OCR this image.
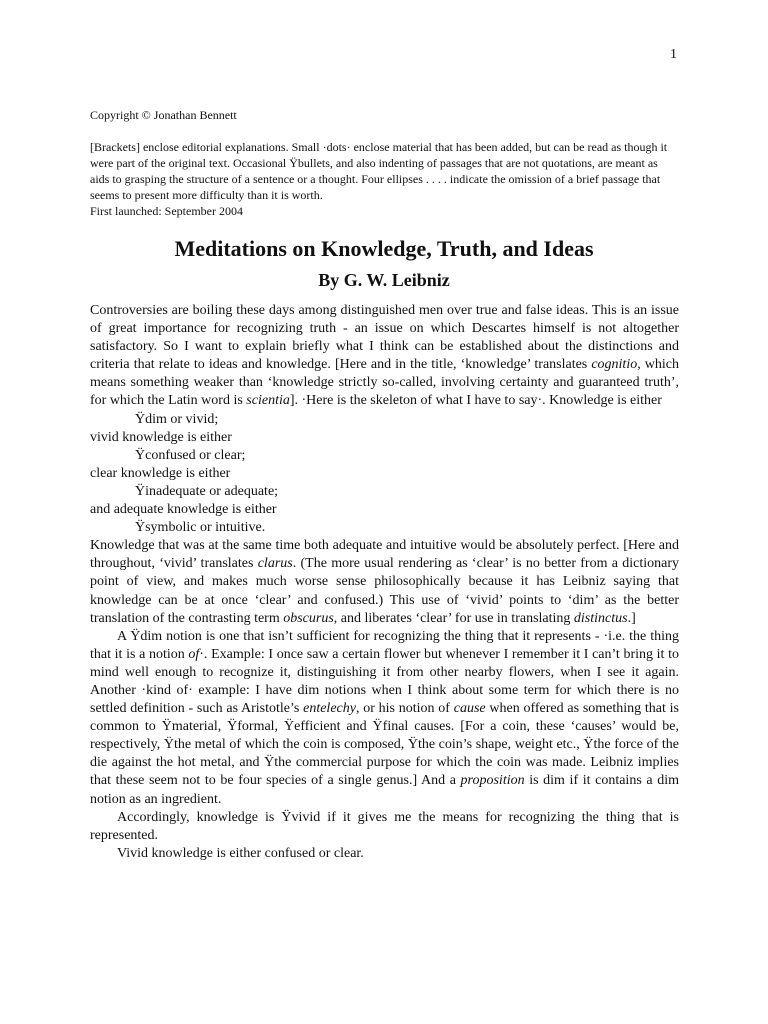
1

Copyright © Jonathan Bennett

[Brackets] enclose editorial explanations. Small ·dots· enclose material that has been added, but can be read as though it were part of the original text. Occasional Ÿbullets, and also indenting of passages that are not quotations, are meant as aids to grasping the structure of a sentence or a thought. Four ellipses . . . . indicate the omission of a brief passage that seems to present more difficulty than it is worth.

First launched: September 2004

Meditations on Knowledge, Truth, and Ideas
By G. W. Leibniz

Controversies are boiling these days among distinguished men over true and false ideas. This is an issue of great importance for recognizing truth - an issue on which Descartes himself is not altogether satisfactory. So I want to explain briefly what I think can be established about the distinctions and criteria that relate to ideas and knowledge. [Here and in the title, ‘knowledge’ translates cognitio, which means something weaker than ‘knowledge strictly so-called, involving certainty and guaranteed truth’, for which the Latin word is scientia]. ·Here is the skeleton of what I have to say·. Knowledge is either

Ÿdim or vivid;

vivid knowledge is either

Ÿconfused or clear;

clear knowledge is either

Ÿinadequate or adequate;

and adequate knowledge is either

Ÿsymbolic or intuitive.

Knowledge that was at the same time both adequate and intuitive would be absolutely perfect. [Here and throughout, ‘vivid’ translates clarus. (The more usual rendering as ‘clear’ is no better from a dictionary point of view, and makes much worse sense philosophically because it has Leibniz saying that knowledge can be at once ‘clear’ and confused.) This use of ‘vivid’ points to ‘dim’ as the better translation of the contrasting term obscurus, and liberates ‘clear’ for use in translating distinctus.]

A Ÿdim notion is one that isn’t sufficient for recognizing the thing that it represents - ·i.e. the thing that it is a notion of·. Example: I once saw a certain flower but whenever I remember it I can’t bring it to mind well enough to recognize it, distinguishing it from other nearby flowers, when I see it again. Another ·kind of· example: I have dim notions when I think about some term for which there is no settled definition - such as Aristotle’s entelechy, or his notion of cause when offered as something that is common to Ÿmaterial, Ÿformal, Ÿefficient and Ÿfinal causes. [For a coin, these ‘causes’ would be, respectively, Ÿthe metal of which the coin is composed, Ÿthe coin’s shape, weight etc., Ÿthe force of the die against the hot metal, and Ÿthe commercial purpose for which the coin was made. Leibniz implies that these seem not to be four species of a single genus.] And a proposition is dim if it contains a dim notion as an ingredient.

Accordingly, knowledge is Ÿvivid if it gives me the means for recognizing the thing that is represented.

Vivid knowledge is either confused or clear.
